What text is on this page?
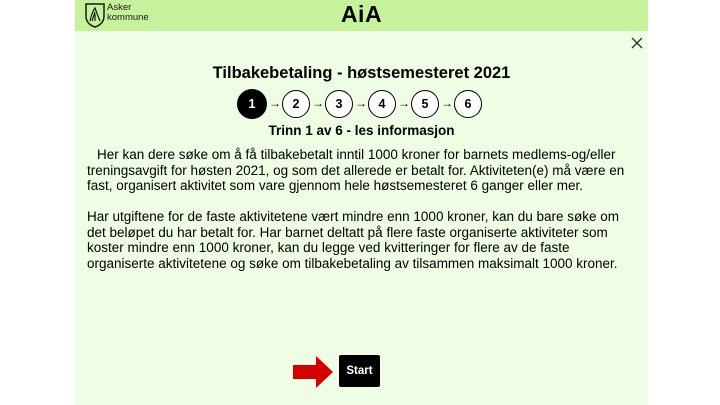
Asker
kommune	AiA
Tilbakebetaling - høstsemesteret 2021
1	→ 2	→ 3	→ 4	→ 5	→ 6
Trinn 1 av 6 - les informasjon

Her kan dere søke om å få tilbakebetalt inntil 1000 kroner for barnets medlems-og/eller treningsavgift for høsten 2021, og som det allerede er betalt for. Aktiviteten(e) må være en fast, organisert aktivitet som vare gjennom hele høstsemesteret 6 ganger eller mer.

Har utgiftene for de faste aktivitetene vært mindre enn 1000 kroner, kan du bare søke om det beløpet du har betalt for. Har barnet deltatt på flere faste organiserte aktiviteter som koster mindre enn 1000 kroner, kan du legge ved kvitteringer for flere av de faste organiserte aktivitetene og søke om tilbakebetaling av tilsammen maksimalt 1000 kroner.

Start
